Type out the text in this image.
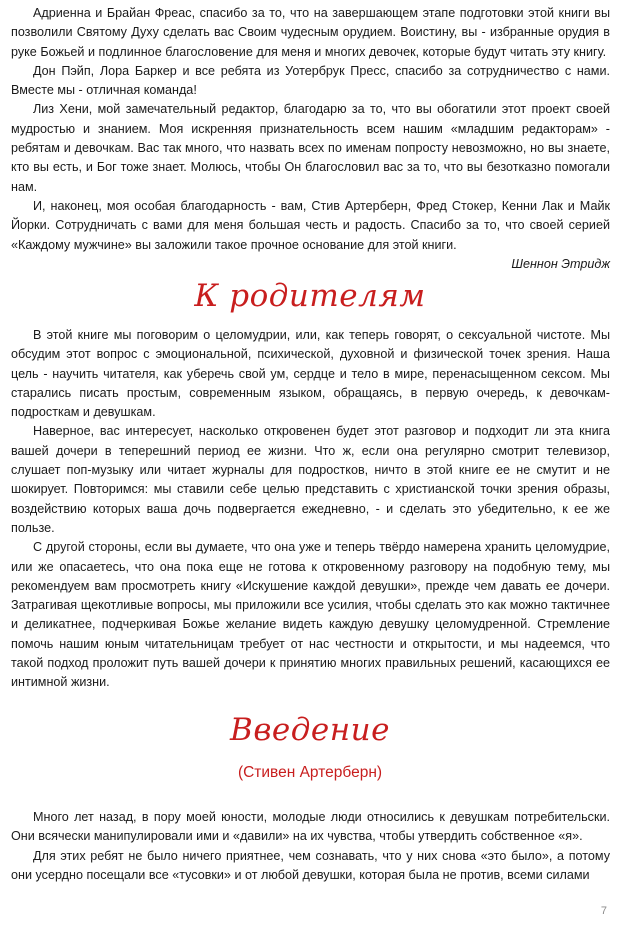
Адриенна и Брайан Фреас, спасибо за то, что на завершающем этапе подготовки этой книги вы позволили Святому Духу сделать вас Своим чудесным орудием. Воистину, вы - избранные орудия в руке Божьей и подлинное благословение для меня и многих девочек, которые будут читать эту книгу.

Дон Пэйп, Лора Баркер и все ребята из Уотербрук Пресс, спасибо за сотрудничество с нами. Вместе мы - отличная команда!

Лиз Хени, мой замечательный редактор, благодарю за то, что вы обогатили этот проект своей мудростью и знанием. Моя искренняя признательность всем нашим «младшим редакторам» - ребятам и девочкам. Вас так много, что назвать всех по именам попросту невозможно, но вы знаете, кто вы есть, и Бог тоже знает. Молюсь, чтобы Он благословил вас за то, что вы безотказно помогали нам.

И, наконец, моя особая благодарность - вам, Стив Артерберн, Фред Стокер, Кенни Лак и Майк Йорки. Сотрудничать с вами для меня большая честь и радость. Спасибо за то, что своей серией «Каждому мужчине» вы заложили такое прочное основание для этой книги.

Шеннон Этридж

К родителям

В этой книге мы поговорим о целомудрии, или, как теперь говорят, о сексуальной чистоте. Мы обсудим этот вопрос с эмоциональной, психической, духовной и физической точек зрения. Наша цель - научить читателя, как уберечь свой ум, сердце и тело в мире, перенасыщенном сексом. Мы старались писать простым, современным языком, обращаясь, в первую очередь, к девочкам-подросткам и девушкам.

Наверное, вас интересует, насколько откровенен будет этот разговор и подходит ли эта книга вашей дочери в теперешний период ее жизни. Что ж, если она регулярно смотрит телевизор, слушает поп-музыку или читает журналы для подростков, ничто в этой книге ее не смутит и не шокирует. Повторимся: мы ставили себе целью представить с христианской точки зрения образы, воздействию которых ваша дочь подвергается ежедневно, - и сделать это убедительно, к ее же пользе.

С другой стороны, если вы думаете, что она уже и теперь твёрдо намерена хранить целомудрие, или же опасаетесь, что она пока еще не готова к откровенному разговору на подобную тему, мы рекомендуем вам просмотреть книгу «Искушение каждой девушки», прежде чем давать ее дочери. Затрагивая щекотливые вопросы, мы приложили все усилия, чтобы сделать это как можно тактичнее и деликатнее, подчеркивая Божье желание видеть каждую девушку целомудренной. Стремление помочь нашим юным читательницам требует от нас честности и открытости, и мы надеемся, что такой подход проложит путь вашей дочери к принятию многих правильных решений, касающихся ее интимной жизни.

Введение
(Стивен Артерберн)

Много лет назад, в пору моей юности, молодые люди относились к девушкам потребительски. Они всячески манипулировали ими и «давили» на их чувства, чтобы утвердить собственное «я».

Для этих ребят не было ничего приятнее, чем сознавать, что у них снова «это было», а потому они усердно посещали все «тусовки» и от любой девушки, которая была не против, всеми силами

7
